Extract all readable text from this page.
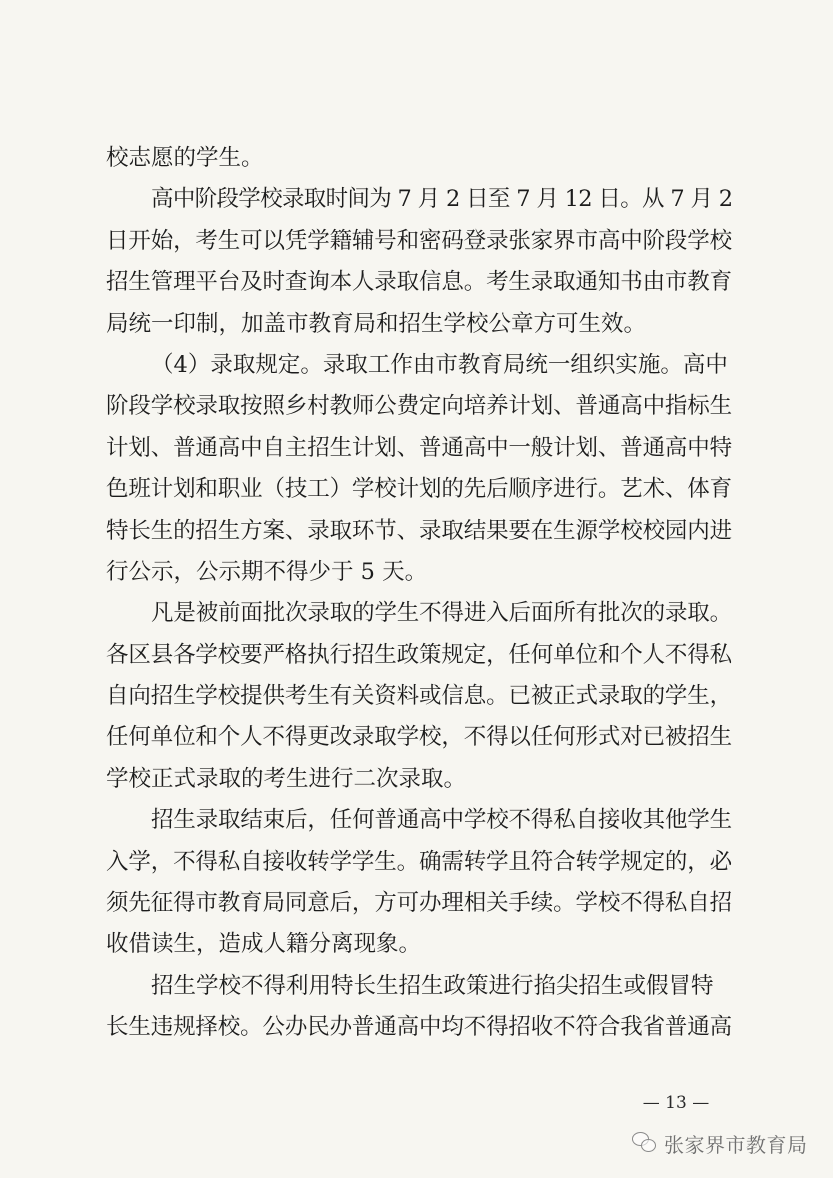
校志愿的学生。
高中阶段学校录取时间为 7 月 2 日至 7 月 12 日。从 7 月 2
日开始，考生可以凭学籍辅号和密码登录张家界市高中阶段学校
招生管理平台及时查询本人录取信息。考生录取通知书由市教育
局统一印制，加盖市教育局和招生学校公章方可生效。
（4）录取规定。录取工作由市教育局统一组织实施。高中
阶段学校录取按照乡村教师公费定向培养计划、普通高中指标生
计划、普通高中自主招生计划、普通高中一般计划、普通高中特
色班计划和职业（技工）学校计划的先后顺序进行。艺术、体育
特长生的招生方案、录取环节、录取结果要在生源学校校园内进
行公示，公示期不得少于 5 天。
凡是被前面批次录取的学生不得进入后面所有批次的录取。
各区县各学校要严格执行招生政策规定，任何单位和个人不得私
自向招生学校提供考生有关资料或信息。已被正式录取的学生，
任何单位和个人不得更改录取学校，不得以任何形式对已被招生
学校正式录取的考生进行二次录取。
招生录取结束后，任何普通高中学校不得私自接收其他学生
入学，不得私自接收转学学生。确需转学且符合转学规定的，必
须先征得市教育局同意后，方可办理相关手续。学校不得私自招
收借读生，造成人籍分离现象。
招生学校不得利用特长生招生政策进行掐尖招生或假冒特
长生违规择校。公办民办普通高中均不得招收不符合我省普通高
— 13 —
张家界市教育局
